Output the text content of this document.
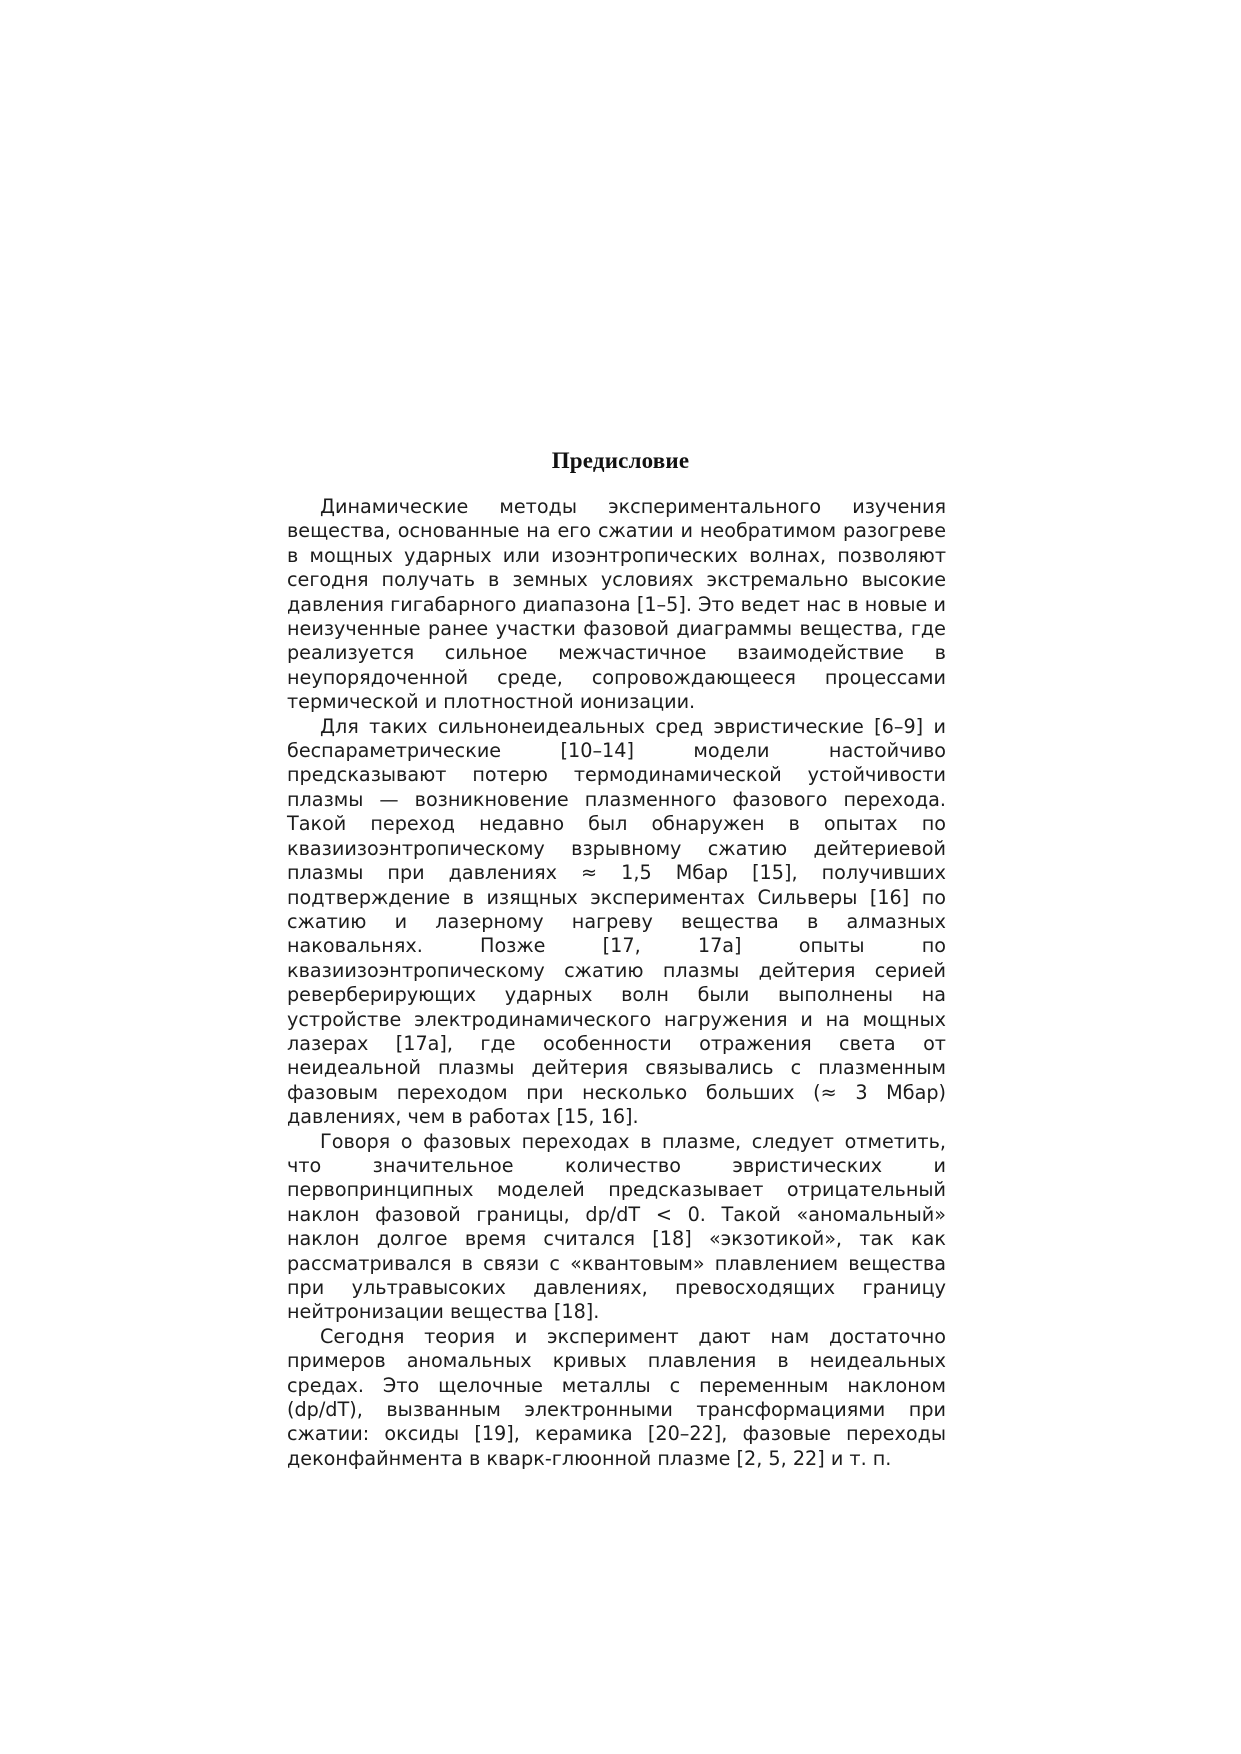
Предисловие

Динамические методы экспериментального изучения вещества, основанные на его сжатии и необратимом разогреве в мощных ударных или изоэнтропических волнах, позволяют сегодня получать в земных условиях экстремально высокие давления гигабарного диапазона [1–5]. Это ведет нас в новые и неизученные ранее участки фазовой диаграммы вещества, где реализуется сильное межчастичное взаимодействие в неупорядоченной среде, сопровождающееся процессами термической и плотностной ионизации.

Для таких сильнонеидеальных сред эвристические [6–9] и беспараметрические [10–14] модели настойчиво предсказывают потерю термодинамической устойчивости плазмы — возникновение плазменного фазового перехода. Такой переход недавно был обнаружен в опытах по квазиизоэнтропическому взрывному сжатию дейтериевой плазмы при давлениях ≈ 1,5 Мбар [15], получивших подтверждение в изящных экспериментах Сильверы [16] по сжатию и лазерному нагреву вещества в алмазных наковальнях. Позже [17, 17a] опыты по квазиизоэнтропическому сжатию плазмы дейтерия серией реверберирующих ударных волн были выполнены на устройстве электродинамического нагружения и на мощных лазерах [17a], где особенности отражения света от неидеальной плазмы дейтерия связывались с плазменным фазовым переходом при несколько больших (≈ 3 Мбар) давлениях, чем в работах [15, 16].

Говоря о фазовых переходах в плазме, следует отметить, что значительное количество эвристических и первопринципных моделей предсказывает отрицательный наклон фазовой границы, dp/dT < 0. Такой «аномальный» наклон долгое время считался [18] «экзотикой», так как рассматривался в связи с «квантовым» плавлением вещества при ультравысоких давлениях, превосходящих границу нейтронизации вещества [18].

Сегодня теория и эксперимент дают нам достаточно примеров аномальных кривых плавления в неидеальных средах. Это щелочные металлы с переменным наклоном (dp/dT), вызванным электронными трансформациями при сжатии: оксиды [19], керамика [20–22], фазовые переходы деконфайнмента в кварк-глюонной плазме [2, 5, 22] и т. п.
